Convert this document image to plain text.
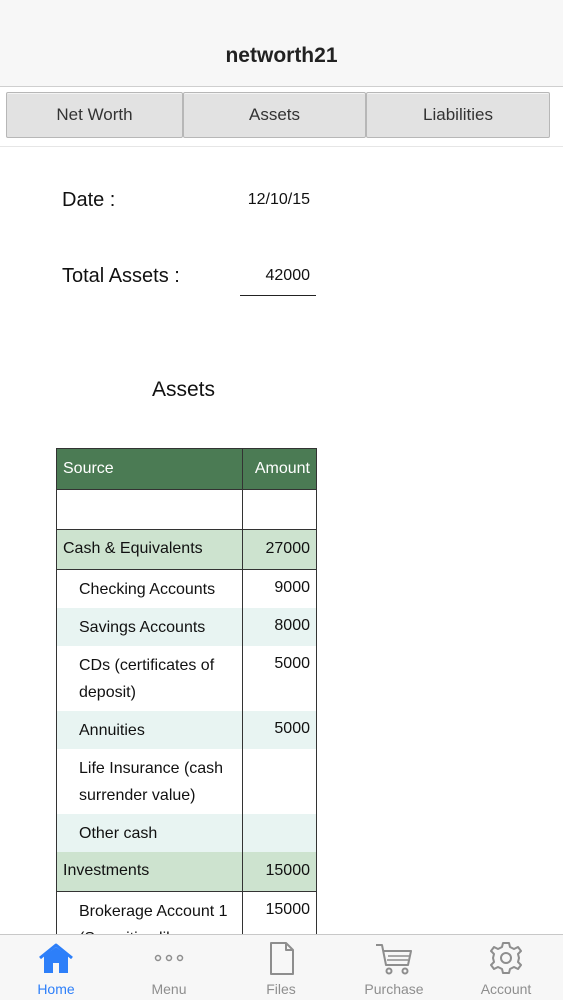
networth21
Net Worth	Assets	Liabilities
Date :	12/10/15
Total Assets :	42000
Assets
Source	Amount

Cash & Equivalents	27000
Checking Accounts	9000
Savings Accounts	8000
CDs (certificates of deposit)	5000
Annuities	5000
Life Insurance (cash surrender value)	
Other cash	
Investments	15000
Brokerage Account 1	15000
Home	Menu	Files	Purchase	Account
